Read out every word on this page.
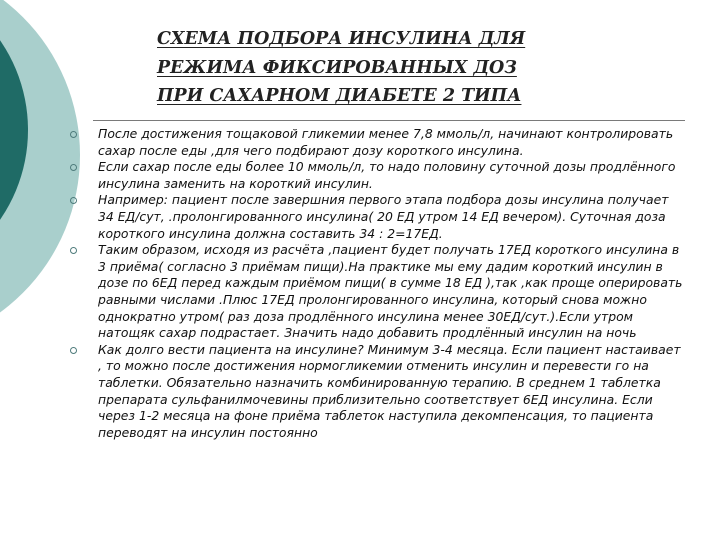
СХЕМА ПОДБОРА ИНСУЛИНА ДЛЯ
РЕЖИМА ФИКСИРОВАННЫХ ДОЗ
ПРИ САХАРНОМ ДИАБЕТЕ 2 ТИПА
После достижения тощаковой гликемии менее 7,8 ммоль/л, начинают контролировать сахар после еды ,для чего подбирают дозу короткого инсулина.
Если сахар после еды более 10 ммоль/л, то надо половину суточной дозы продлённого инсулина заменить на короткий инсулин.
Например: пациент после завершния первого этапа подбора дозы инсулина получает 34 ЕД/сут, .пролонгированного инсулина( 20 ЕД утром 14 ЕД вечером). Суточная доза короткого инсулина должна составить 34 : 2=17ЕД.
Таким образом, исходя из расчёта ,пациент будет получать 17ЕД короткого инсулина в 3 приёма( согласно 3 приёмам пищи).На практике мы ему дадим короткий инсулин в дозе по 6ЕД перед каждым приёмом пищи( в сумме 18 ЕД ),так ,как проще оперировать равными числами .Плюс 17ЕД пролонгированного инсулина, который снова можно однократно утром( раз доза продлённого инсулина менее 30ЕД/сут.).Если утром натощяк сахар подрастает. Значить надо добавить продлённый инсулин на ночь
Как долго вести пациента на инсулине? Минимум 3-4 месяца. Если пациент настаивает , то можно после достижения нормогликемии отменить инсулин и перевести го на таблетки. Обязательно назначить комбинированную терапию. В среднем 1 таблетка препарата сульфанилмочевины приблизительно соответствует 6ЕД инсулина. Если через 1-2 месяца на фоне приёма таблеток наступила декомпенсация, то пациента переводят на инсулин постоянно
